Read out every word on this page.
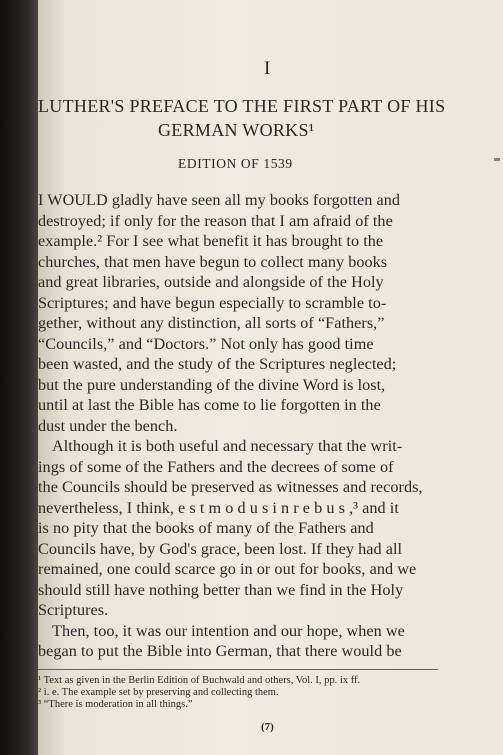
I
LUTHER'S PREFACE TO THE FIRST PART OF HIS
GERMAN WORKS¹
EDITION OF 1539
I WOULD gladly have seen all my books forgotten and
destroyed; if only for the reason that I am afraid of the
example.² For I see what benefit it has brought to the
churches, that men have begun to collect many books
and great libraries, outside and alongside of the Holy
Scriptures; and have begun especially to scramble to-
gether, without any distinction, all sorts of “Fathers,”
“Councils,” and “Doctors.” Not only has good time
been wasted, and the study of the Scriptures neglected;
but the pure understanding of the divine Word is lost,
until at last the Bible has come to lie forgotten in the
dust under the bench.
Although it is both useful and necessary that the writ-
ings of some of the Fathers and the decrees of some of
the Councils should be preserved as witnesses and records,
nevertheless, I think, e s t m o d u s i n r e b u s ,³ and it
is no pity that the books of many of the Fathers and
Councils have, by God's grace, been lost. If they had all
remained, one could scarce go in or out for books, and we
should still have nothing better than we find in the Holy
Scriptures.
Then, too, it was our intention and our hope, when we
began to put the Bible into German, that there would be
¹ Text as given in the Berlin Edition of Buchwald and others, Vol. I, pp. ix ff.
² i. e. The example set by preserving and collecting them.
³ “There is moderation in all things.”
(7)
